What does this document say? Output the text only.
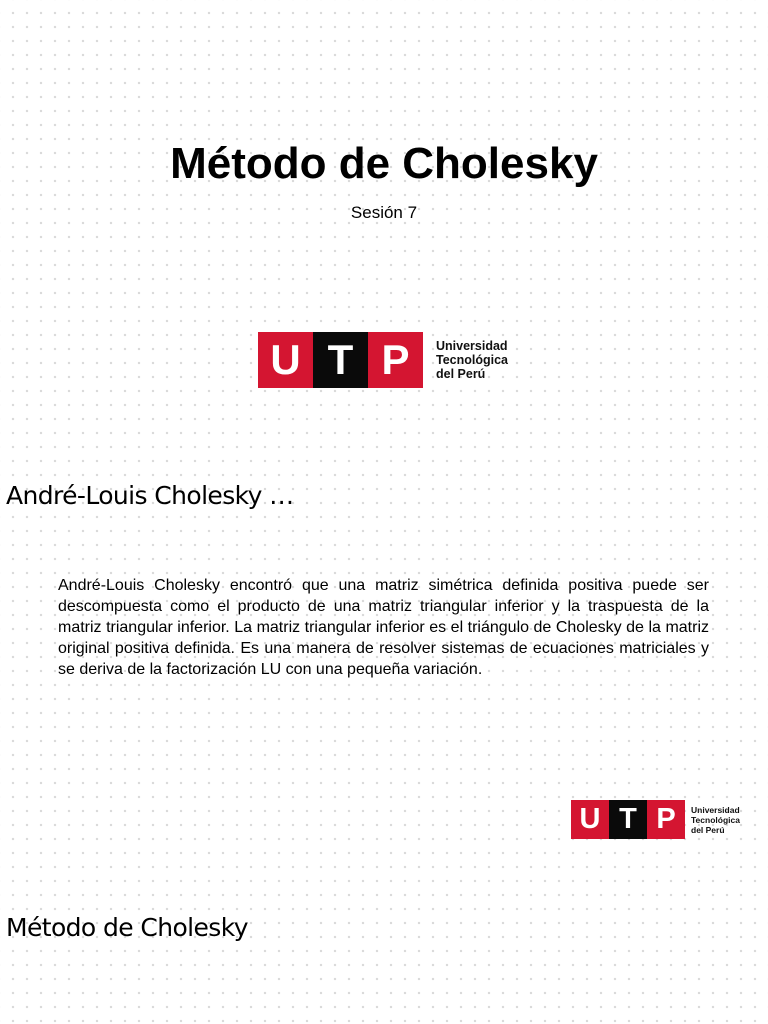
Método de Cholesky

Sesión 7

U T P	Universidad
Tecnológica
del Perú
André-Louis Cholesky …

André-Louis Cholesky encontró que una matriz simétrica definida positiva puede ser descompuesta como el producto de una matriz triangular inferior y la traspuesta de la matriz triangular inferior. La matriz triangular inferior es el triángulo de Cholesky de la matriz original positiva definida. Es una manera de resolver sistemas de ecuaciones matriciales y se deriva de la factorización LU con una pequeña variación.

U T P	Universidad
Tecnológica
del Perú
Método de Cholesky
